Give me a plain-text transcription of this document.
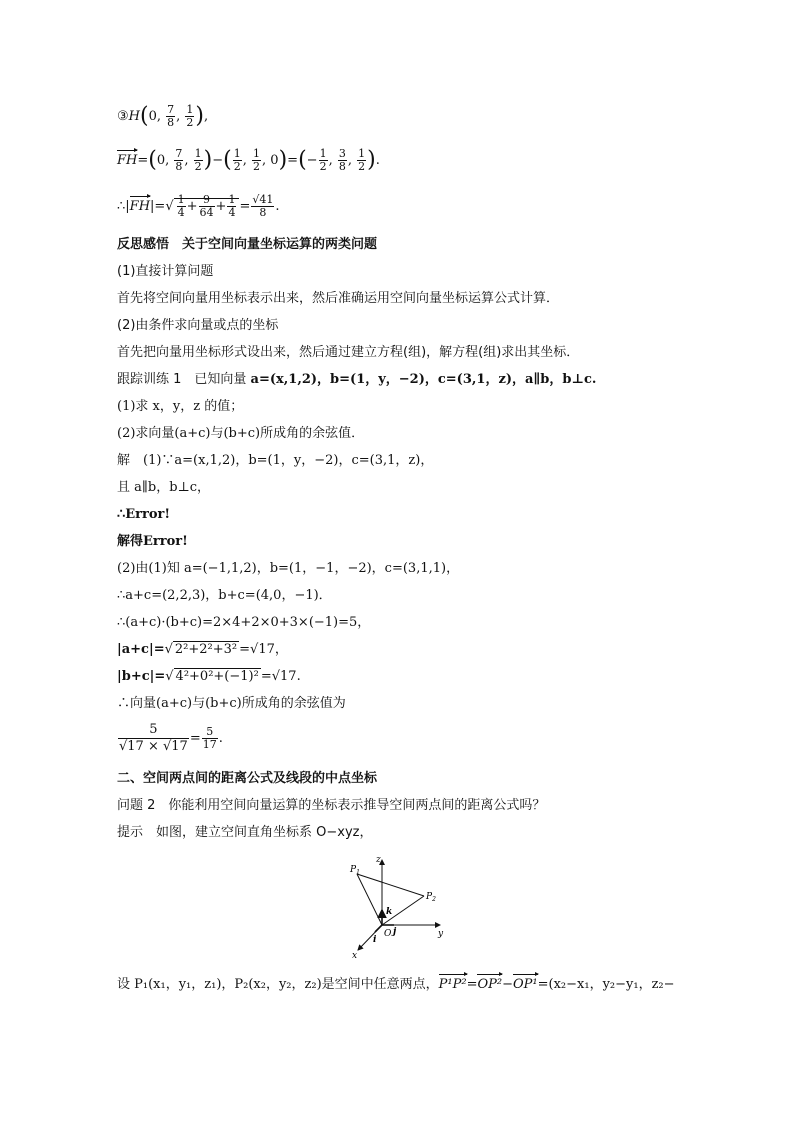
③H(0, $\frac{7}{8}$ , $\frac{1}{2}$ ),
FH=(0, $\frac{7}{8}$ , $\frac{1}{2}$ )−( $\frac{1}{2}$ , $\frac{1}{2}$ , $0)=(- \frac{1}{2}$ , $\frac{3}{8}$ , $\frac{1}{2}$ ).
∴|FH|=√ $\frac{1}{4} + \frac{9}{64} + \frac{1}{4} = \frac{√41}{8}$ .
反思感悟　关于空间向量坐标运算的两类问题
(1)直接计算问题
首先将空间向量用坐标表示出来，然后准确运用空间向量坐标运算公式计算．
(2)由条件求向量或点的坐标
首先把向量用坐标形式设出来，然后通过建立方程(组)，解方程(组)求出其坐标．
跟踪训练 1　已知向量 a=(x,1,2)，b=(1，y，−2)，c=(3,1，z)，a∥b，b⊥c.
(1)求 x，y，z 的值；
(2)求向量(a+c)与(b+c)所成角的余弦值．
解　(1)∵a=(x,1,2)，b=(1，y，−2)，c=(3,1，z)，
且 a∥b，b⊥c，
∴Error!
解得Error!
(2)由(1)知 a=(−1,1,2)，b=(1，−1，−2)，c=(3,1,1)，
∴a+c=(2,2,3)，b+c=(4,0，−1)．
∴(a+c)·(b+c)=2×4+2×0+3×(−1)=5，
|a+c|=√ 2²+2²+3² =√17，
|b+c|=√ 4²+0²+(−1)² =√17.
∴向量(a+c)与(b+c)所成角的余弦值为
$\frac{5}{√17 \times √17} = \frac{5}{17}$ .
二、空间两点间的距离公式及线段的中点坐标
问题 2　你能利用空间向量运算的坐标表示推导空间两点间的距离公式吗？
提示　如图，建立空间直角坐标系 O−xyz，
z
y
x
O
$P_1$
$P_2$
i
j
k
设 P₁(x₁，y₁，z₁)，P₂(x₂，y₂，z₂)是空间中任意两点，P¹P²=OP²−OP¹=(x₂−x₁，y₂−y₁，z₂−
